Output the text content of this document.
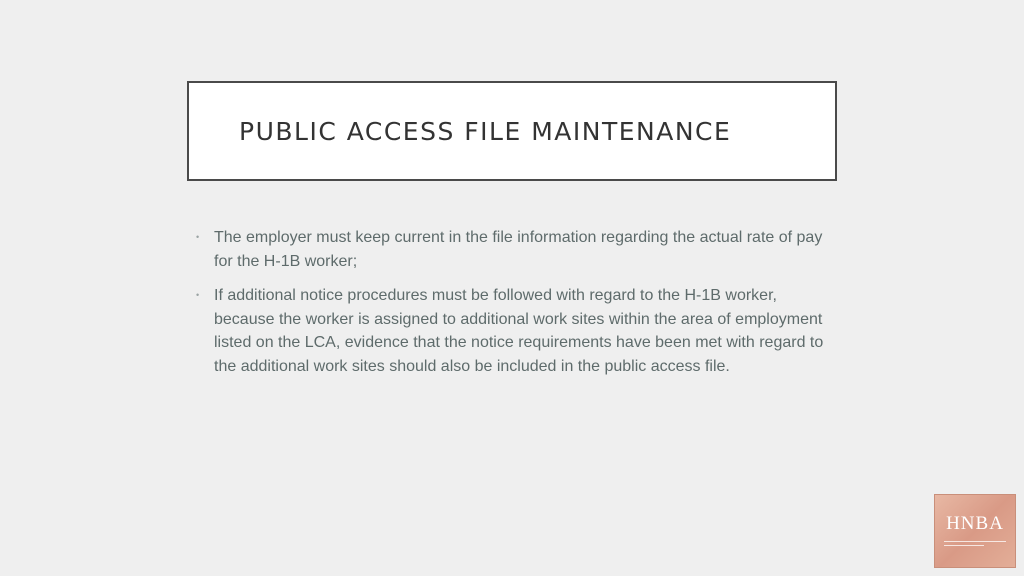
PUBLIC ACCESS FILE MAINTENANCE
• The employer must keep current in the file information regarding the actual rate of pay for the H-1B worker;
• If additional notice procedures must be followed with regard to the H-1B worker, because the worker is assigned to additional work sites within the area of employment listed on the LCA, evidence that the notice requirements have been met with regard to the additional work sites should also be included in the public access file.
HNBA
